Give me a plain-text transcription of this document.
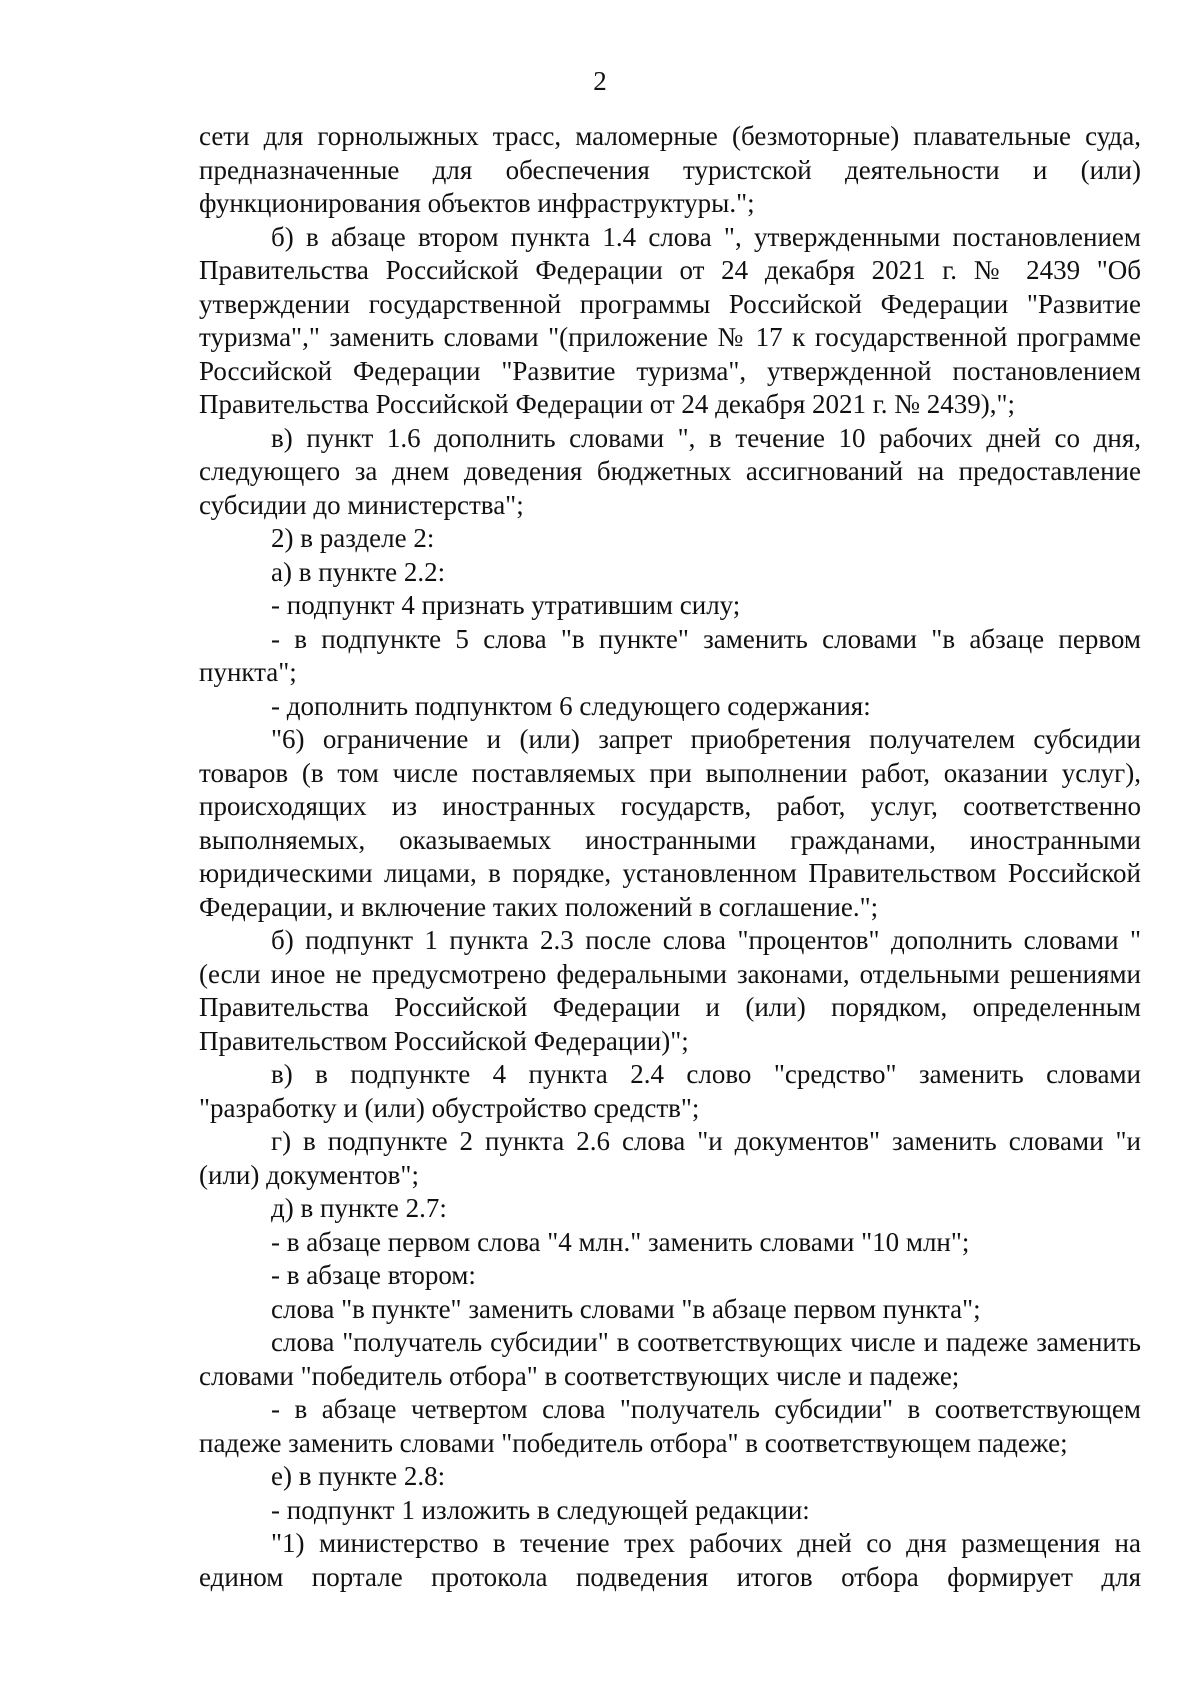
2

сети для горнолыжных трасс, маломерные (безмоторные) плавательные суда, предназначенные для обеспечения туристской деятельности и (или) функционирования объектов инфраструктуры.";

б) в абзаце втором пункта 1.4 слова ", утвержденными постановлением Правительства Российской Федерации от 24 декабря 2021 г. № 2439 "Об утверждении государственной программы Российской Федерации "Развитие туризма"," заменить словами "(приложение № 17 к государственной программе Российской Федерации "Развитие туризма", утвержденной постановлением Правительства Российской Федерации от 24 декабря 2021 г. № 2439),";

в) пункт 1.6 дополнить словами ", в течение 10 рабочих дней со дня, следующего за днем доведения бюджетных ассигнований на предоставление субсидии до министерства";

2) в разделе 2:

а) в пункте 2.2:

- подпункт 4 признать утратившим силу;

- в подпункте 5 слова "в пункте" заменить словами "в абзаце первом пункта";

- дополнить подпунктом 6 следующего содержания:

"6) ограничение и (или) запрет приобретения получателем субсидии товаров (в том числе поставляемых при выполнении работ, оказании услуг), происходящих из иностранных государств, работ, услуг, соответственно выполняемых, оказываемых иностранными гражданами, иностранными юридическими лицами, в порядке, установленном Правительством Российской Федерации, и включение таких положений в соглашение.";

б) подпункт 1 пункта 2.3 после слова "процентов" дополнить словами "(если иное не предусмотрено федеральными законами, отдельными решениями Правительства Российской Федерации и (или) порядком, определенным Правительством Российской Федерации)";

в) в подпункте 4 пункта 2.4 слово "средство" заменить словами "разработку и (или) обустройство средств";

г) в подпункте 2 пункта 2.6 слова "и документов" заменить словами "и (или) документов";

д) в пункте 2.7:

- в абзаце первом слова "4 млн." заменить словами "10 млн";

- в абзаце втором:

слова "в пункте" заменить словами "в абзаце первом пункта";

слова "получатель субсидии" в соответствующих числе и падеже заменить словами "победитель отбора" в соответствующих числе и падеже;

- в абзаце четвертом слова "получатель субсидии" в соответствующем падеже заменить словами "победитель отбора" в соответствующем падеже;

е) в пункте 2.8:

- подпункт 1 изложить в следующей редакции:

"1) министерство в течение трех рабочих дней со дня размещения на едином портале протокола подведения итогов отбора формирует для
